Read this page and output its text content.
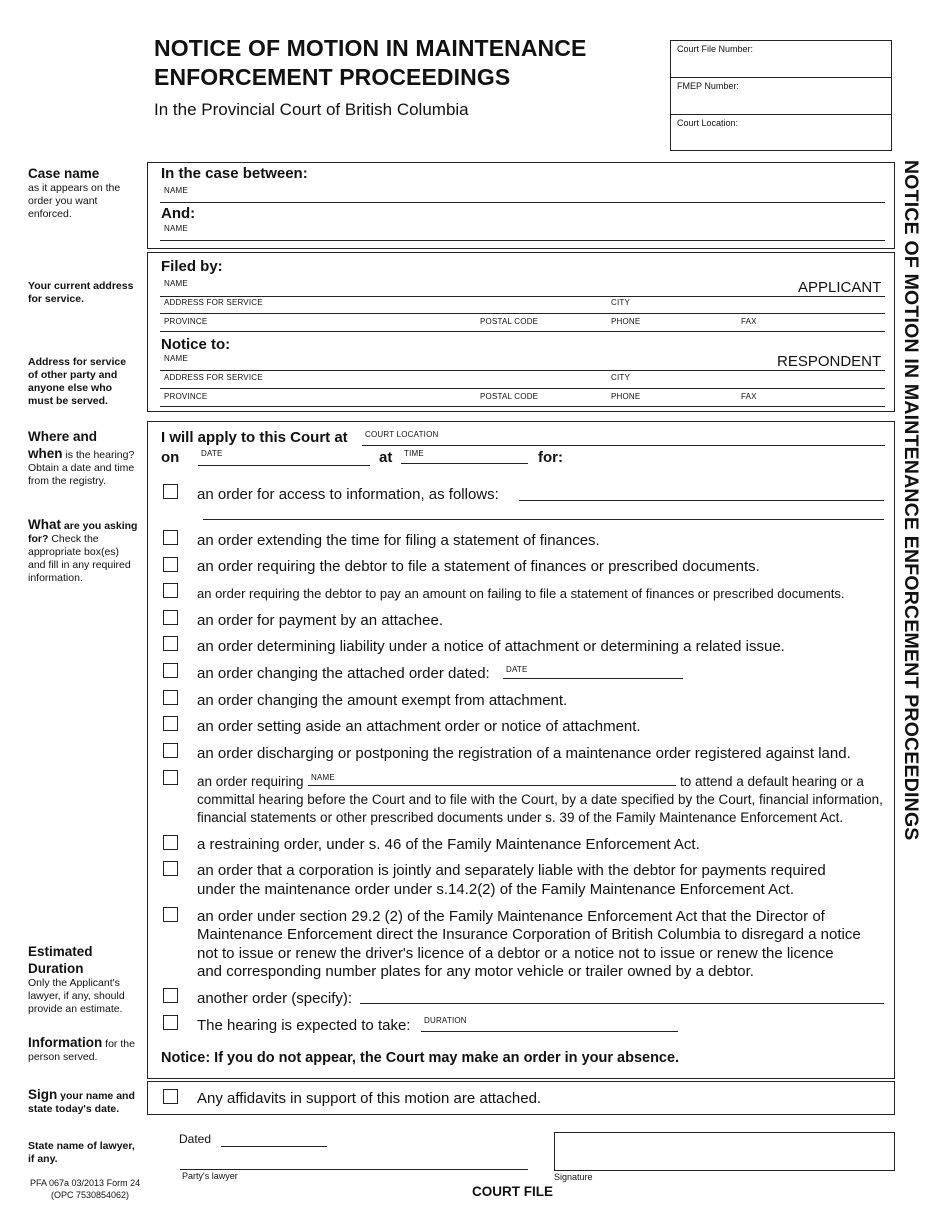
NOTICE OF MOTION IN MAINTENANCE
ENFORCEMENT PROCEEDINGS
In the Provincial Court of British Columbia
Court File Number:
FMEP Number:
Court Location:
NOTICE OF MOTION IN MAINTENANCE ENFORCEMENT PROCEEDINGS
Case name
as it appears on the order you want enforced.
Your current address for service.
Address for service of other party and anyone else who must be served.
Where and
when is the hearing? Obtain a date and time from the registry.
What are you asking for? Check the appropriate box(es) and fill in any required information.
Estimated Duration
Only the Applicant's lawyer, if any, should provide an estimate.
Information for the person served.
Sign your name and state today's date.
State name of lawyer, if any.
In the case between:
NAME
And:
NAME
Filed by:
NAME	APPLICANT
ADDRESS FOR SERVICE	CITY
PROVINCE	POSTAL CODE	PHONE	FAX
Notice to:
NAME	RESPONDENT
ADDRESS FOR SERVICE	CITY
PROVINCE	POSTAL CODE	PHONE	FAX
I will apply to this Court at COURT LOCATION
on	DATE	at TIME	for:
an order for access to information, as follows:
an order extending the time for filing a statement of finances.
an order requiring the debtor to file a statement of finances or prescribed documents.
an order requiring the debtor to pay an amount on failing to file a statement of finances or prescribed documents.
an order for payment by an attachee.
an order determining liability under a notice of attachment or determining a related issue.
an order changing the attached order dated: DATE
an order changing the amount exempt from attachment.
an order setting aside an attachment order or notice of attachment.
an order discharging or postponing the registration of a maintenance order registered against land.
an order requiring NAME	to attend a default hearing or a
committal hearing before the Court and to file with the Court, by a date specified by the Court, financial information,
financial statements or other prescribed documents under s. 39 of the Family Maintenance Enforcement Act.
a restraining order, under s. 46 of the Family Maintenance Enforcement Act.
an order that a corporation is jointly and separately liable with the debtor for payments required
under the maintenance order under s.14.2(2) of the Family Maintenance Enforcement Act.
an order under section 29.2 (2) of the Family Maintenance Enforcement Act that the Director of
Maintenance Enforcement direct the Insurance Corporation of British Columbia to disregard a notice
not to issue or renew the driver's licence of a debtor or a notice not to issue or renew the licence
and corresponding number plates for any motor vehicle or trailer owned by a debtor.
another order (specify):
The hearing is expected to take: DURATION
Notice: If you do not appear, the Court may make an order in your absence.
Any affidavits in support of this motion are attached.
Dated
Party's lawyer	Signature
PFA 067a 03/2013 Form 24
(OPC 7530854062)	COURT FILE
